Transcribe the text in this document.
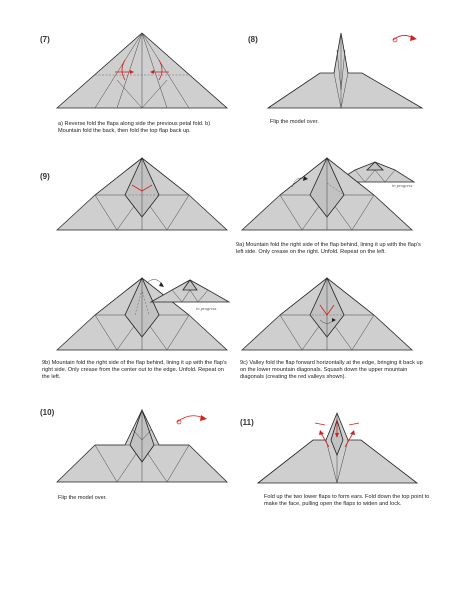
(7)
a) Reverse fold the flaps along side the previous petal fold. b) Mountain fold the back, then fold the top flap back up.
(8)
Flip the model over.
(9)
in progress
9a) Mountain fold the right side of the flap behind, lining it up with the flap's left side. Only crease on the right. Unfold. Repeat on the left.
in progress
9b) Mountain fold the right side of the flap behind, lining it up with the flap's right side. Only crease from the center out to the edge. Unfold. Repeat on the left.
9c) Valley fold the flap forward horizontally at the edge, bringing it back up on the lower mountain diagonals. Squash down the upper mountain diagonals (creating the red valleys shown).
(10)
Flip the model over.
(11)
Fold up the two lower flaps to form ears. Fold down the top point to make the face, pulling open the flaps to widen and lock.
